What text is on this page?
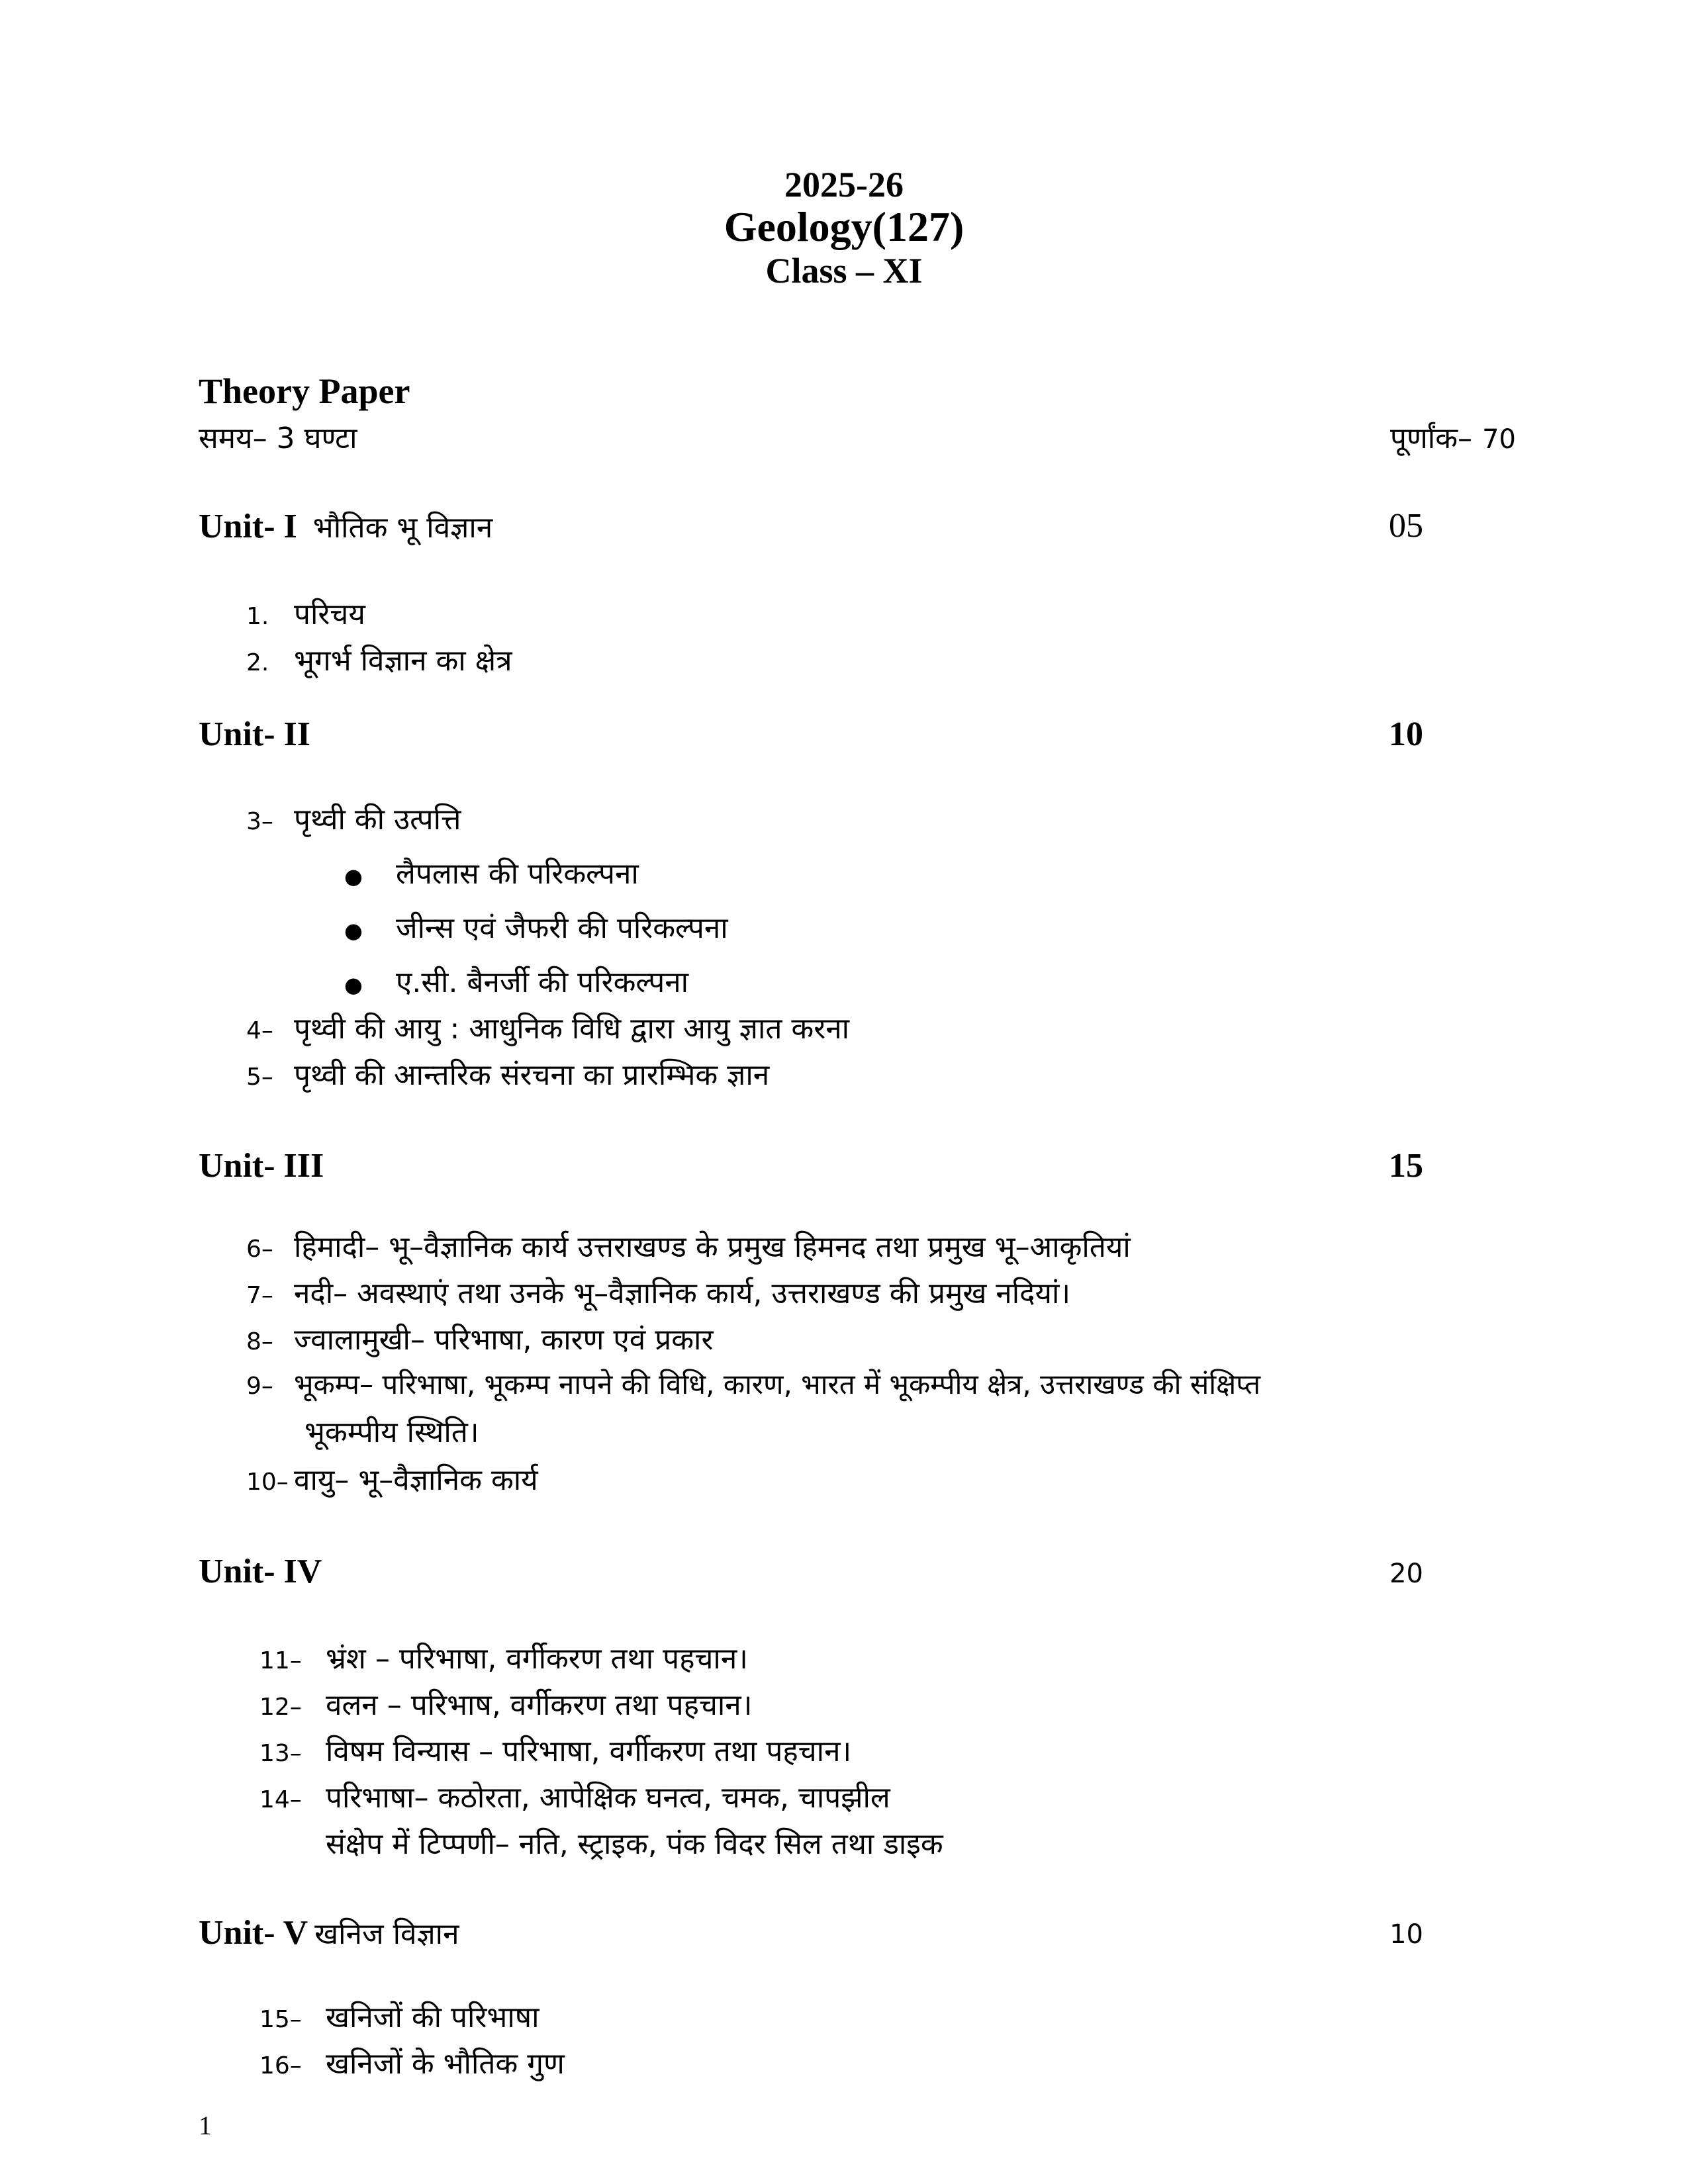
2025-26
Geology(127)
Class – XI
Theory Paper
समय– 3 घण्टा	पूर्णांक– 70
Unit- I भौतिक भू विज्ञान	05
1. परिचय
2. भूगर्भ विज्ञान का क्षेत्र
Unit- II	10
3– पृथ्वी की उत्पत्ति
● लैपलास की परिकल्पना
● जीन्स एवं जैफरी की परिकल्पना
● ए.सी. बैनर्जी की परिकल्पना
4– पृथ्वी की आयु : आधुनिक विधि द्वारा आयु ज्ञात करना
5– पृथ्वी की आन्तरिक संरचना का प्रारम्भिक ज्ञान
Unit- III	15
6– हिमादी– भू–वैज्ञानिक कार्य उत्तराखण्ड के प्रमुख हिमनद तथा प्रमुख भू–आकृतियां
7– नदी– अवस्थाएं तथा उनके भू–वैज्ञानिक कार्य, उत्तराखण्ड की प्रमुख नदियां।
8– ज्वालामुखी– परिभाषा, कारण एवं प्रकार
9– भूकम्प– परिभाषा, भूकम्प नापने की विधि, कारण, भारत में भूकम्पीय क्षेत्र, उत्तराखण्ड की संक्षिप्त
भूकम्पीय स्थिति।
10– वायु– भू–वैज्ञानिक कार्य
Unit- IV	20
11– भ्रंश – परिभाषा, वर्गीकरण तथा पहचान।
12– वलन – परिभाष, वर्गीकरण तथा पहचान।
13– विषम विन्यास – परिभाषा, वर्गीकरण तथा पहचान।
14– परिभाषा– कठोरता, आपेक्षिक घनत्व, चमक, चापझील
संक्षेप में टिप्पणी– नति, स्ट्राइक, पंक विदर सिल तथा डाइक
Unit- V खनिज विज्ञान	10
15– खनिजों की परिभाषा
16– खनिजों के भौतिक गुण
1
